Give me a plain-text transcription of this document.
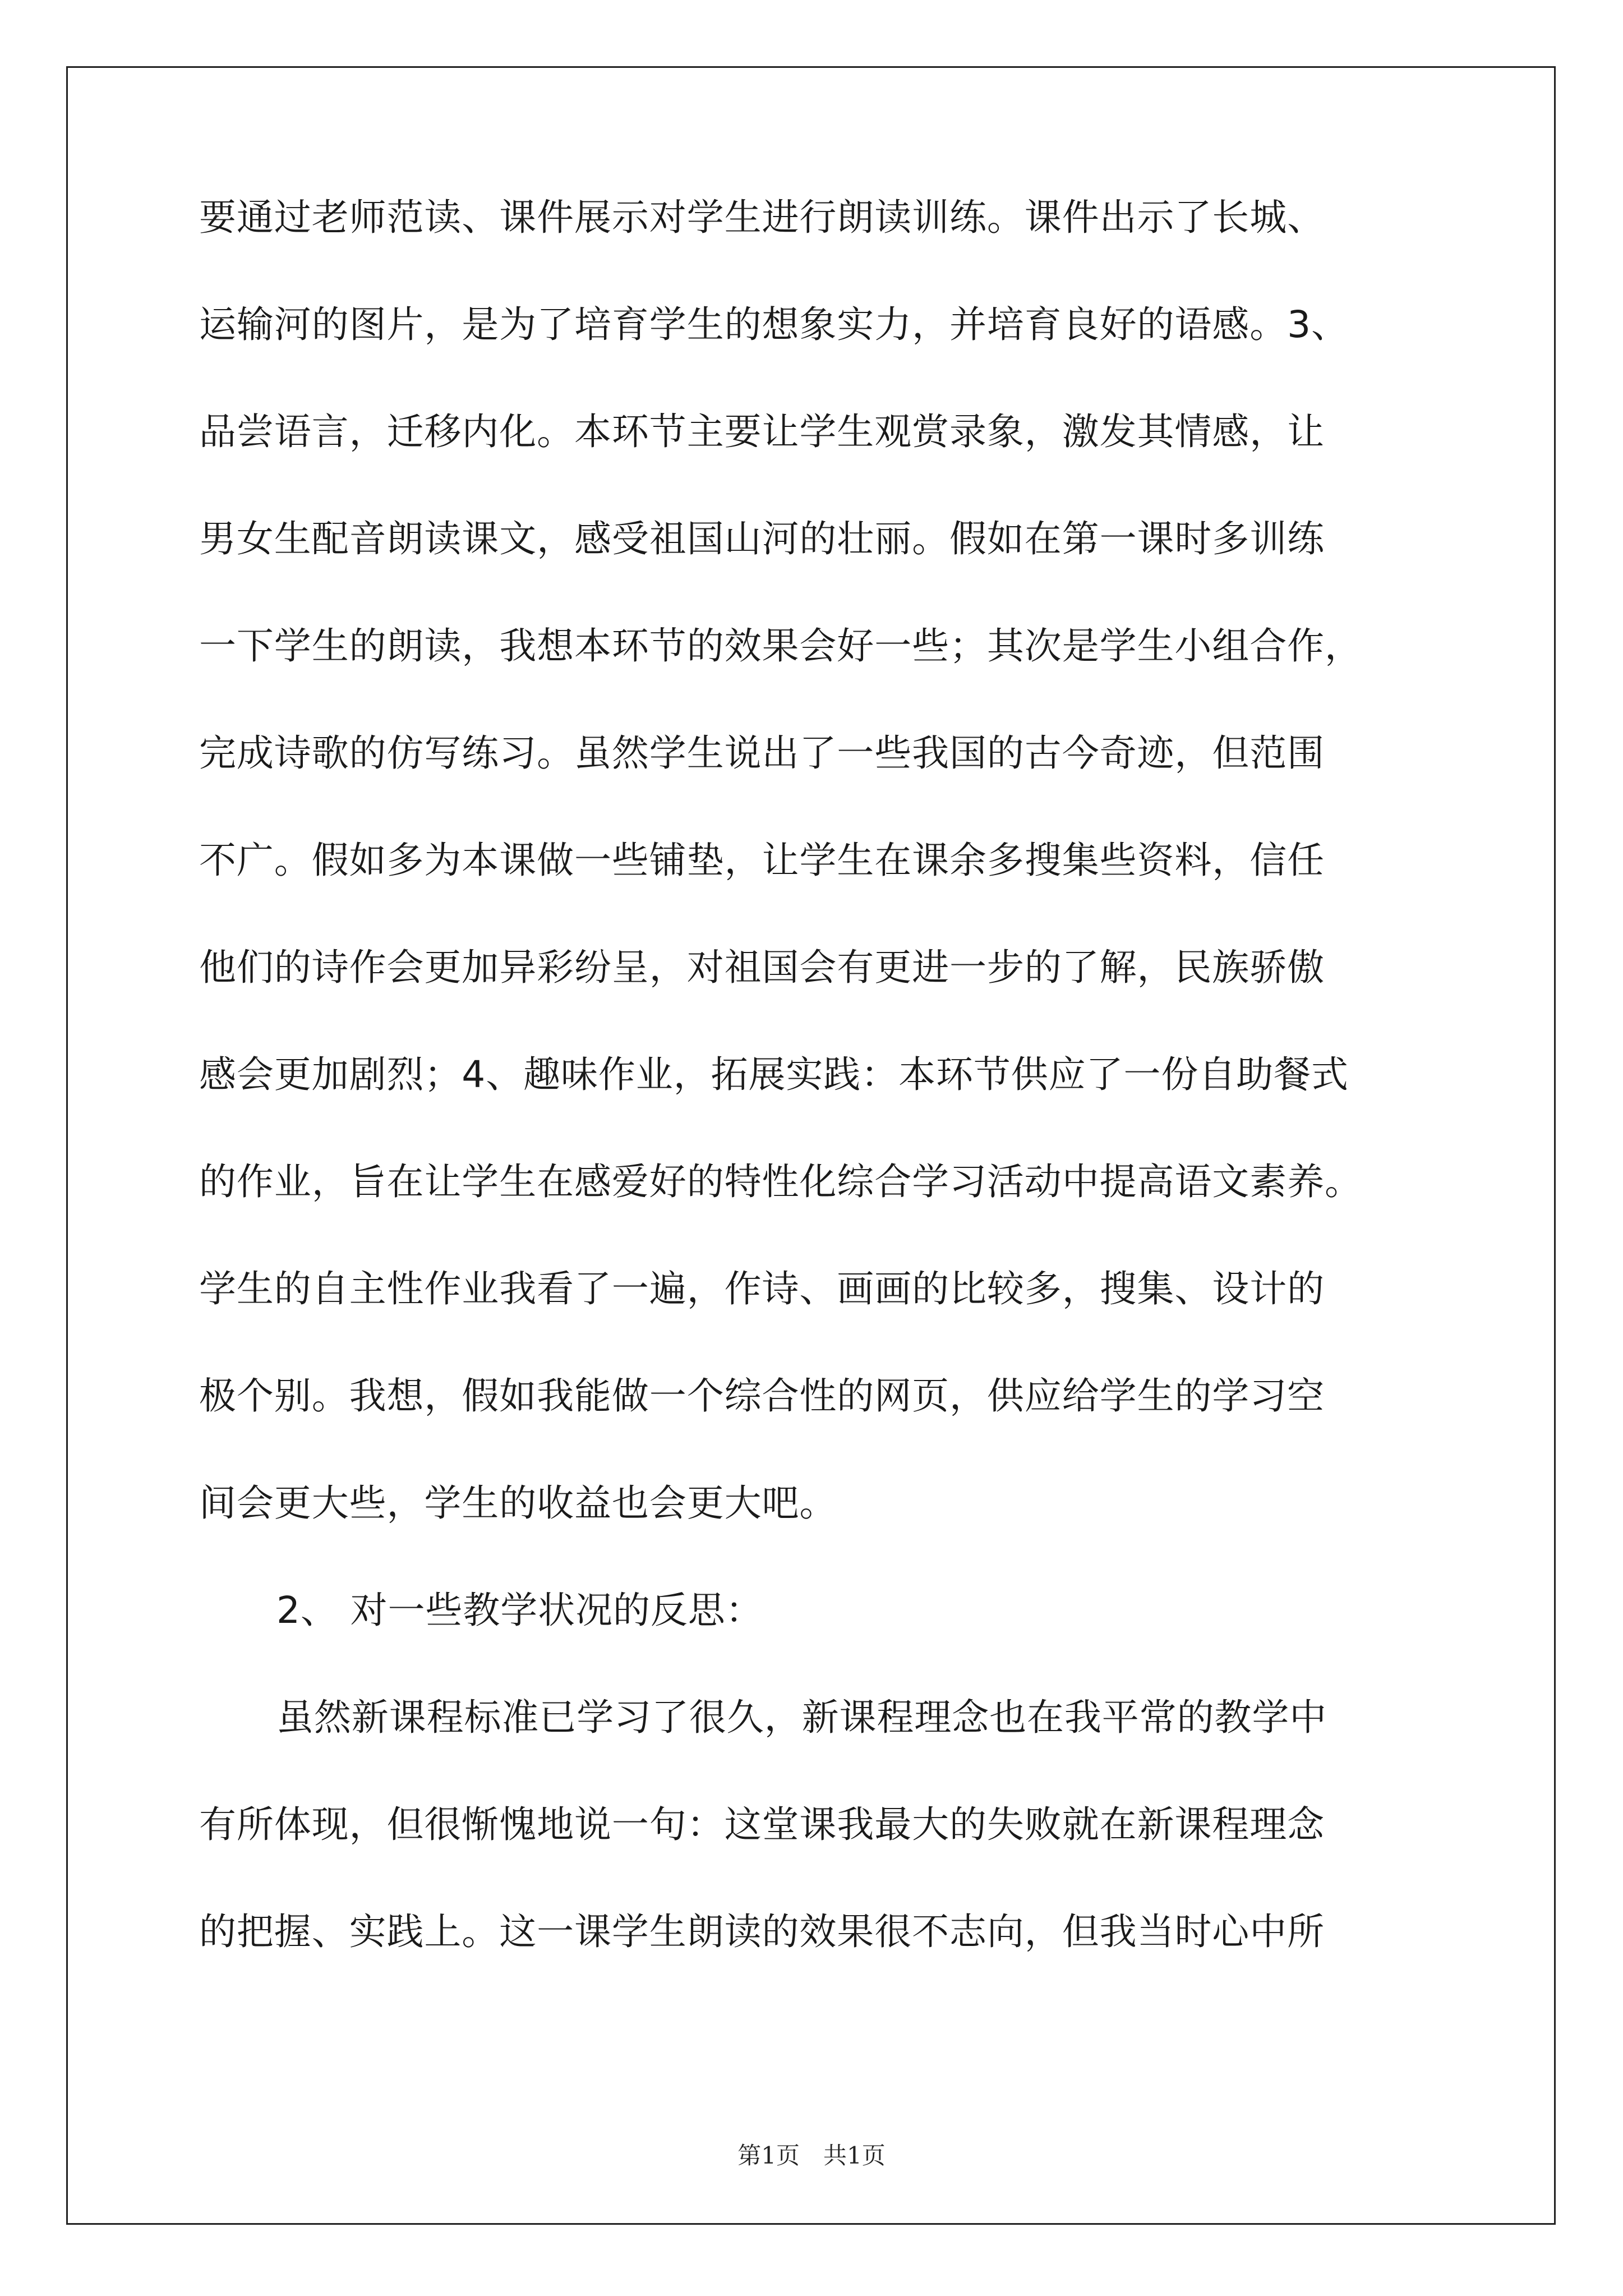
要通过老师范读、课件展示对学生进行朗读训练。课件出示了长城、
运输河的图片，是为了培育学生的想象实力，并培育良好的语感。3、
品尝语言，迁移内化。本环节主要让学生观赏录象，激发其情感，让
男女生配音朗读课文，感受祖国山河的壮丽。假如在第一课时多训练
一下学生的朗读，我想本环节的效果会好一些；其次是学生小组合作，
完成诗歌的仿写练习。虽然学生说出了一些我国的古今奇迹，但范围
不广。假如多为本课做一些铺垫，让学生在课余多搜集些资料，信任
他们的诗作会更加异彩纷呈，对祖国会有更进一步的了解，民族骄傲
感会更加剧烈；4、趣味作业，拓展实践：本环节供应了一份自助餐式
的作业，旨在让学生在感爱好的特性化综合学习活动中提高语文素养。
学生的自主性作业我看了一遍，作诗、画画的比较多，搜集、设计的
极个别。我想，假如我能做一个综合性的网页，供应给学生的学习空
间会更大些，学生的收益也会更大吧。
2、 对一些教学状况的反思：
虽然新课程标准已学习了很久，新课程理念也在我平常的教学中
有所体现，但很惭愧地说一句：这堂课我最大的失败就在新课程理念
的把握、实践上。这一课学生朗读的效果很不志向，但我当时心中所
第1页　共1页
